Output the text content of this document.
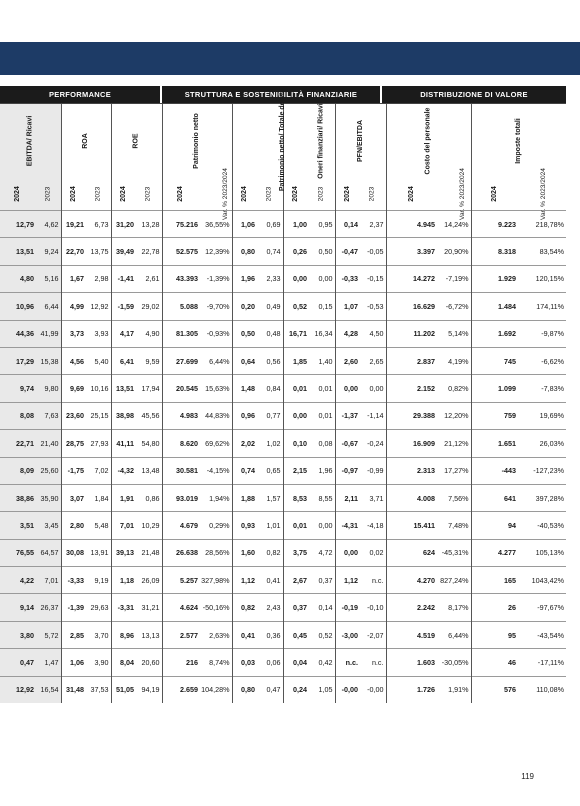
PERFORMANCE	STRUTTURA E SOSTENIBILITÀ FINANZIARIE	DISTRIBUZIONE DI VALORE
EBITDA/ Ricavi		ROA		ROE		Patrimonio netto		Patrimonio netto/ Totale debiti		Oneri finanziari/ Ricavi		PFN/EBITDA		Costo del personale		Imposte totali	
2024	2023	2024	2023	2024	2023	2024	Var. % 2023/2024	2024	2023	2024	2023	2024	2023	2024	Var. % 2023/2024	2024	Var. % 2023/2024
12,79	4,62	19,21	6,73	31,20	13,28	75.216	36,55%	1,06	0,69	1,00	0,95	0,14	2,37	4.945	14,24%	9.223	218,78%
13,51	9,24	22,70	13,75	39,49	22,78	52.575	12,39%	0,80	0,74	0,26	0,50	-0,47	-0,05	3.397	20,90%	8.318	83,54%
4,80	5,16	1,67	2,98	-1,41	2,61	43.393	-1,39%	1,96	2,33	0,00	0,00	-0,33	-0,15	14.272	-7,19%	1.929	120,15%
10,96	6,44	4,99	12,92	-1,59	29,02	5.088	-9,70%	0,20	0,49	0,52	0,15	1,07	-0,53	16.629	-6,72%	1.484	174,11%
44,36	41,99	3,73	3,93	4,17	4,90	81.305	-0,93%	0,50	0,48	16,71	16,34	4,28	4,50	11.202	5,14%	1.692	-9,87%
17,29	15,38	4,56	5,40	6,41	9,59	27.699	6,44%	0,64	0,56	1,85	1,40	2,60	2,65	2.837	4,19%	745	-6,62%
9,74	9,80	9,69	10,16	13,51	17,94	20.545	15,63%	1,48	0,84	0,01	0,01	0,00	0,00	2.152	0,82%	1.099	-7,83%
8,08	7,63	23,60	25,15	38,98	45,56	4.983	44,83%	0,96	0,77	0,00	0,01	-1,37	-1,14	29.388	12,20%	759	19,69%
22,71	21,40	28,75	27,93	41,11	54,80	8.620	69,62%	2,02	1,02	0,10	0,08	-0,67	-0,24	16.909	21,12%	1.651	26,03%
8,09	25,60	-1,75	7,02	-4,32	13,48	30.581	-4,15%	0,74	0,65	2,15	1,96	-0,97	-0,99	2.313	17,27%	-443	-127,23%
38,86	35,90	3,07	1,84	1,91	0,86	93.019	1,94%	1,88	1,57	8,53	8,55	2,11	3,71	4.008	7,56%	641	397,28%
3,51	3,45	2,80	5,48	7,01	10,29	4.679	0,29%	0,93	1,01	0,01	0,00	-4,31	-4,18	15.411	7,48%	94	-40,53%
76,55	64,57	30,08	13,91	39,13	21,48	26.638	28,56%	1,60	0,82	3,75	4,72	0,00	0,02	624	-45,31%	4.277	105,13%
4,22	7,01	-3,33	9,19	1,18	26,09	5.257	327,98%	1,12	0,41	2,67	0,37	1,12	n.c.	4.270	827,24%	165	1043,42%
9,14	26,37	-1,39	29,63	-3,31	31,21	4.624	-50,16%	0,82	2,43	0,37	0,14	-0,19	-0,10	2.242	8,17%	26	-97,67%
3,80	5,72	2,85	3,70	8,96	13,13	2.577	2,63%	0,41	0,36	0,45	0,52	-3,00	-2,07	4.519	6,44%	95	-43,54%
0,47	1,47	1,06	3,90	8,04	20,60	216	8,74%	0,03	0,06	0,04	0,42	n.c.	n.c.	1.603	-30,05%	46	-17,11%
12,92	16,54	31,48	37,53	51,05	94,19	2.659	104,28%	0,80	0,47	0,24	1,05	-0,00	-0,00	1.726	1,91%	576	110,08%
119
